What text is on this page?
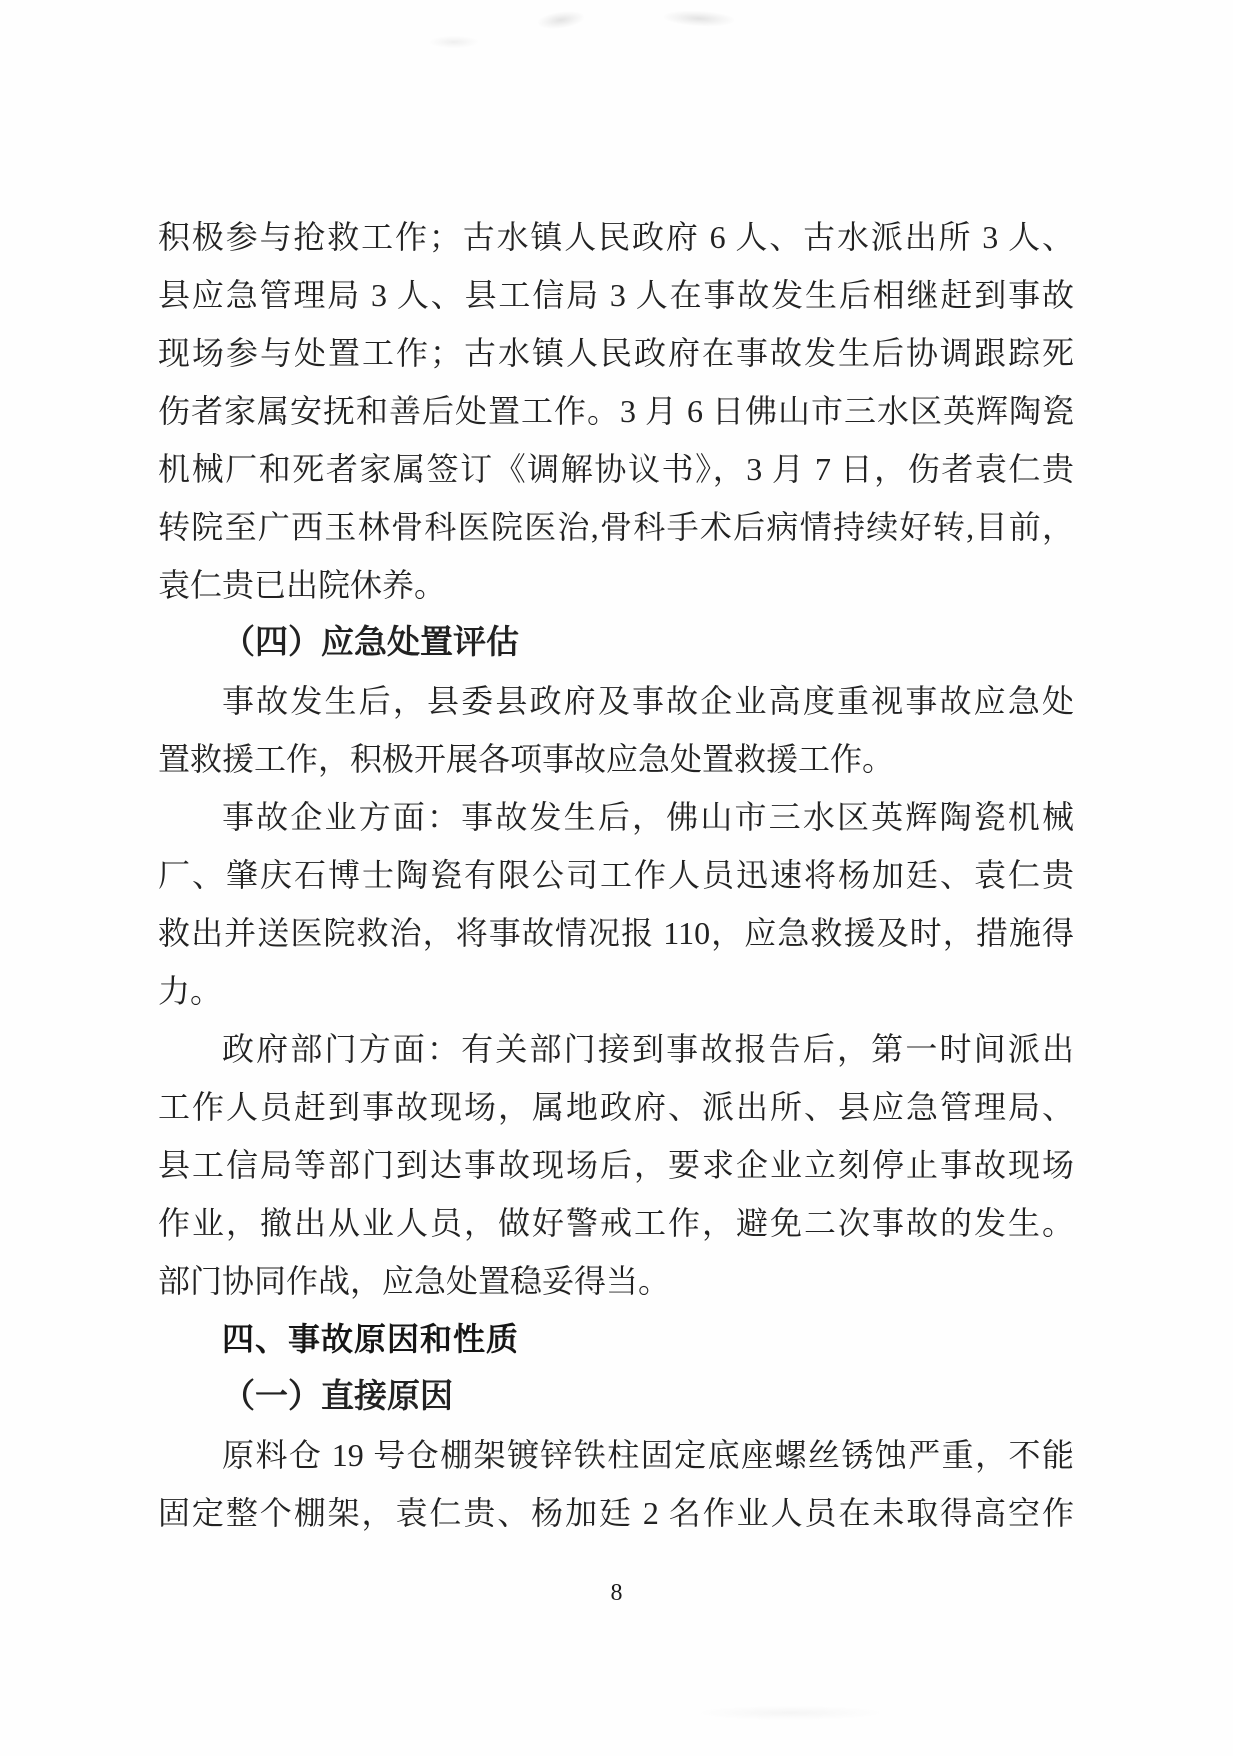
积极参与抢救工作；古水镇人民政府 6 人、古水派出所 3 人、
县应急管理局 3 人、县工信局 3 人在事故发生后相继赶到事故
现场参与处置工作；古水镇人民政府在事故发生后协调跟踪死
伤者家属安抚和善后处置工作。3 月 6 日佛山市三水区英辉陶瓷
机械厂和死者家属签订《调解协议书》，3 月 7 日，伤者袁仁贵
转院至广西玉林骨科医院医治,骨科手术后病情持续好转,目前，
袁仁贵已出院休养。
（四）应急处置评估
事故发生后，县委县政府及事故企业高度重视事故应急处
置救援工作，积极开展各项事故应急处置救援工作。
事故企业方面：事故发生后，佛山市三水区英辉陶瓷机械
厂、肇庆石博士陶瓷有限公司工作人员迅速将杨加廷、袁仁贵
救出并送医院救治，将事故情况报 110，应急救援及时，措施得
力。
政府部门方面：有关部门接到事故报告后，第一时间派出
工作人员赶到事故现场，属地政府、派出所、县应急管理局、
县工信局等部门到达事故现场后，要求企业立刻停止事故现场
作业，撤出从业人员，做好警戒工作，避免二次事故的发生。
部门协同作战，应急处置稳妥得当。
四、事故原因和性质
（一）直接原因
原料仓 19 号仓棚架镀锌铁柱固定底座螺丝锈蚀严重，不能
固定整个棚架，袁仁贵、杨加廷 2 名作业人员在未取得高空作
8
